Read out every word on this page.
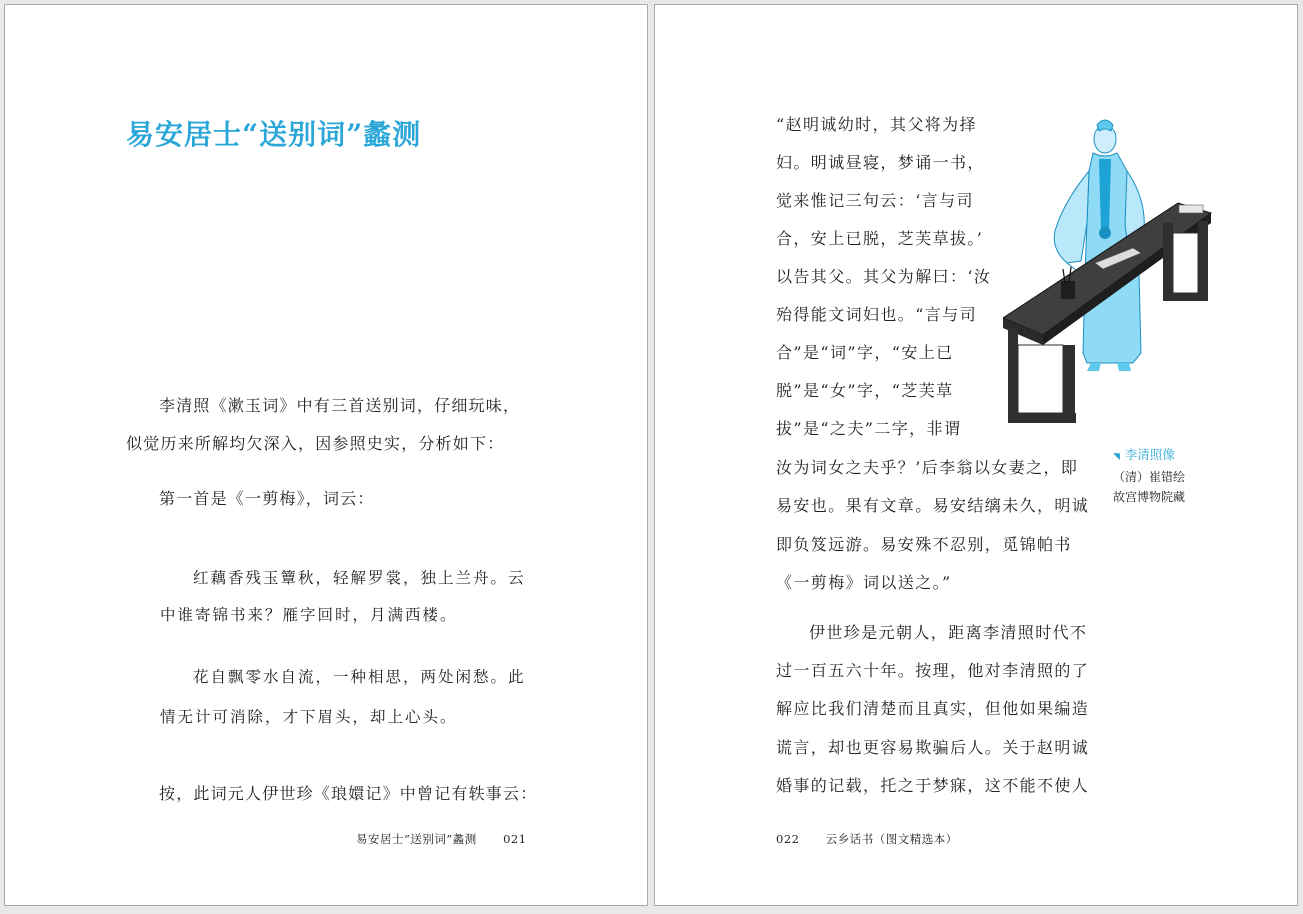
易安居士“送别词”蠡测

李清照《漱玉词》中有三首送别词，仔细玩味，

似觉历来所解均欠深入，因参照史实，分析如下：

第一首是《一剪梅》，词云：

红藕香残玉簟秋，轻解罗裳，独上兰舟。云

中谁寄锦书来？雁字回时，月满西楼。

花自飘零水自流，一种相思，两处闲愁。此

情无计可消除，才下眉头，却上心头。

按，此词元人伊世珍《琅嬛记》中曾记有轶事云：

易安居士“送别词”蠡测 021
◥ 李清照像
（清）崔错绘
故宫博物院藏
“赵明诚幼时，其父将为择
妇。明诚昼寝，梦诵一书，
觉来惟记三句云：‘言与司
合，安上已脱，芝芙草拔。’
以告其父。其父为解曰：‘汝
殆得能文词妇也。“言与司
合”是“词”字，“安上已
脱”是“女”字，“芝芙草
拔”是“之夫”二字，非谓
汝为词女之夫乎？’后李翁以女妻之，即
易安也。果有文章。易安结缡未久，明诚
即负笈远游。易安殊不忍别，觅锦帕书
《一剪梅》词以送之。”
伊世珍是元朝人，距离李清照时代不
过一百五六十年。按理，他对李清照的了
解应比我们清楚而且真实，但他如果编造
谎言，却也更容易欺骗后人。关于赵明诚
婚事的记载，托之于梦寐，这不能不使人
022 云乡话书（图文精选本）
